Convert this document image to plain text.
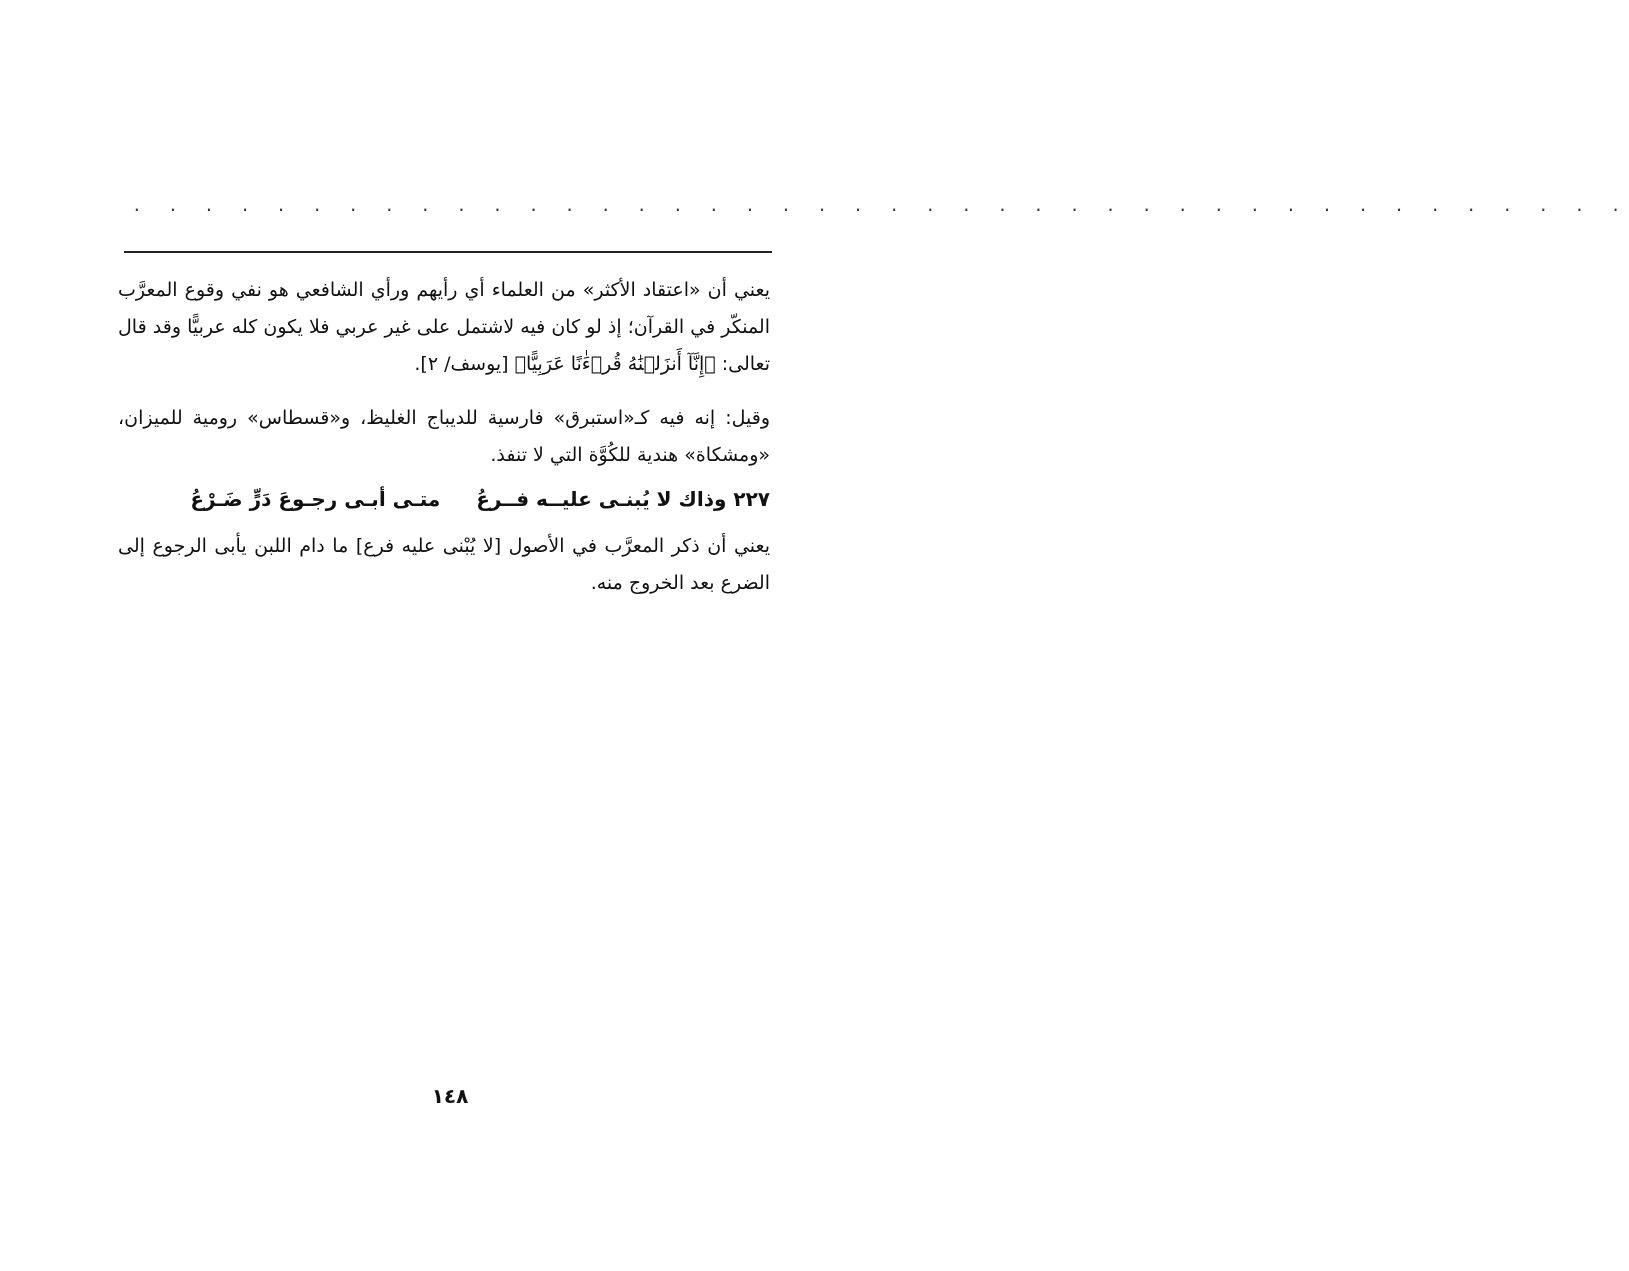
. . . . . . . . . . . . . . . . . . . . . . . . . . . . . . . . . . . . . . . . . .
يعني أن «اعتقاد الأكثر» من العلماء أي رأيهم ورأي الشافعي هو نفي وقوع المعرَّب المنكّر في القرآن؛ إذ لو كان فيه لاشتمل على غير عربي فلا يكون كله عربيًّا وقد قال تعالى: ﴿إِنَّآ أَنزَلۡنَٰهُ قُرۡءَٰنًا عَرَبِيًّا﴾ [يوسف/ ٢].
وقيل: إنه فيه كـ«استبرق» فارسية للديباج الغليظ، و«قسطاس» رومية للميزان، «ومشكاة» هندية للكُوَّة التي لا تنفذ.
٢٢٧ وذاك لا يُبنـى عليــه فــرعُ  متـى أبـى رجـوعَ دَرٍّ ضَـرْعُ
يعني أن ذكر المعرَّب في الأصول [لا يُبْنى عليه فرع] ما دام اللبن يأبى الرجوع إلى الضرع بعد الخروج منه.
١٤٨
